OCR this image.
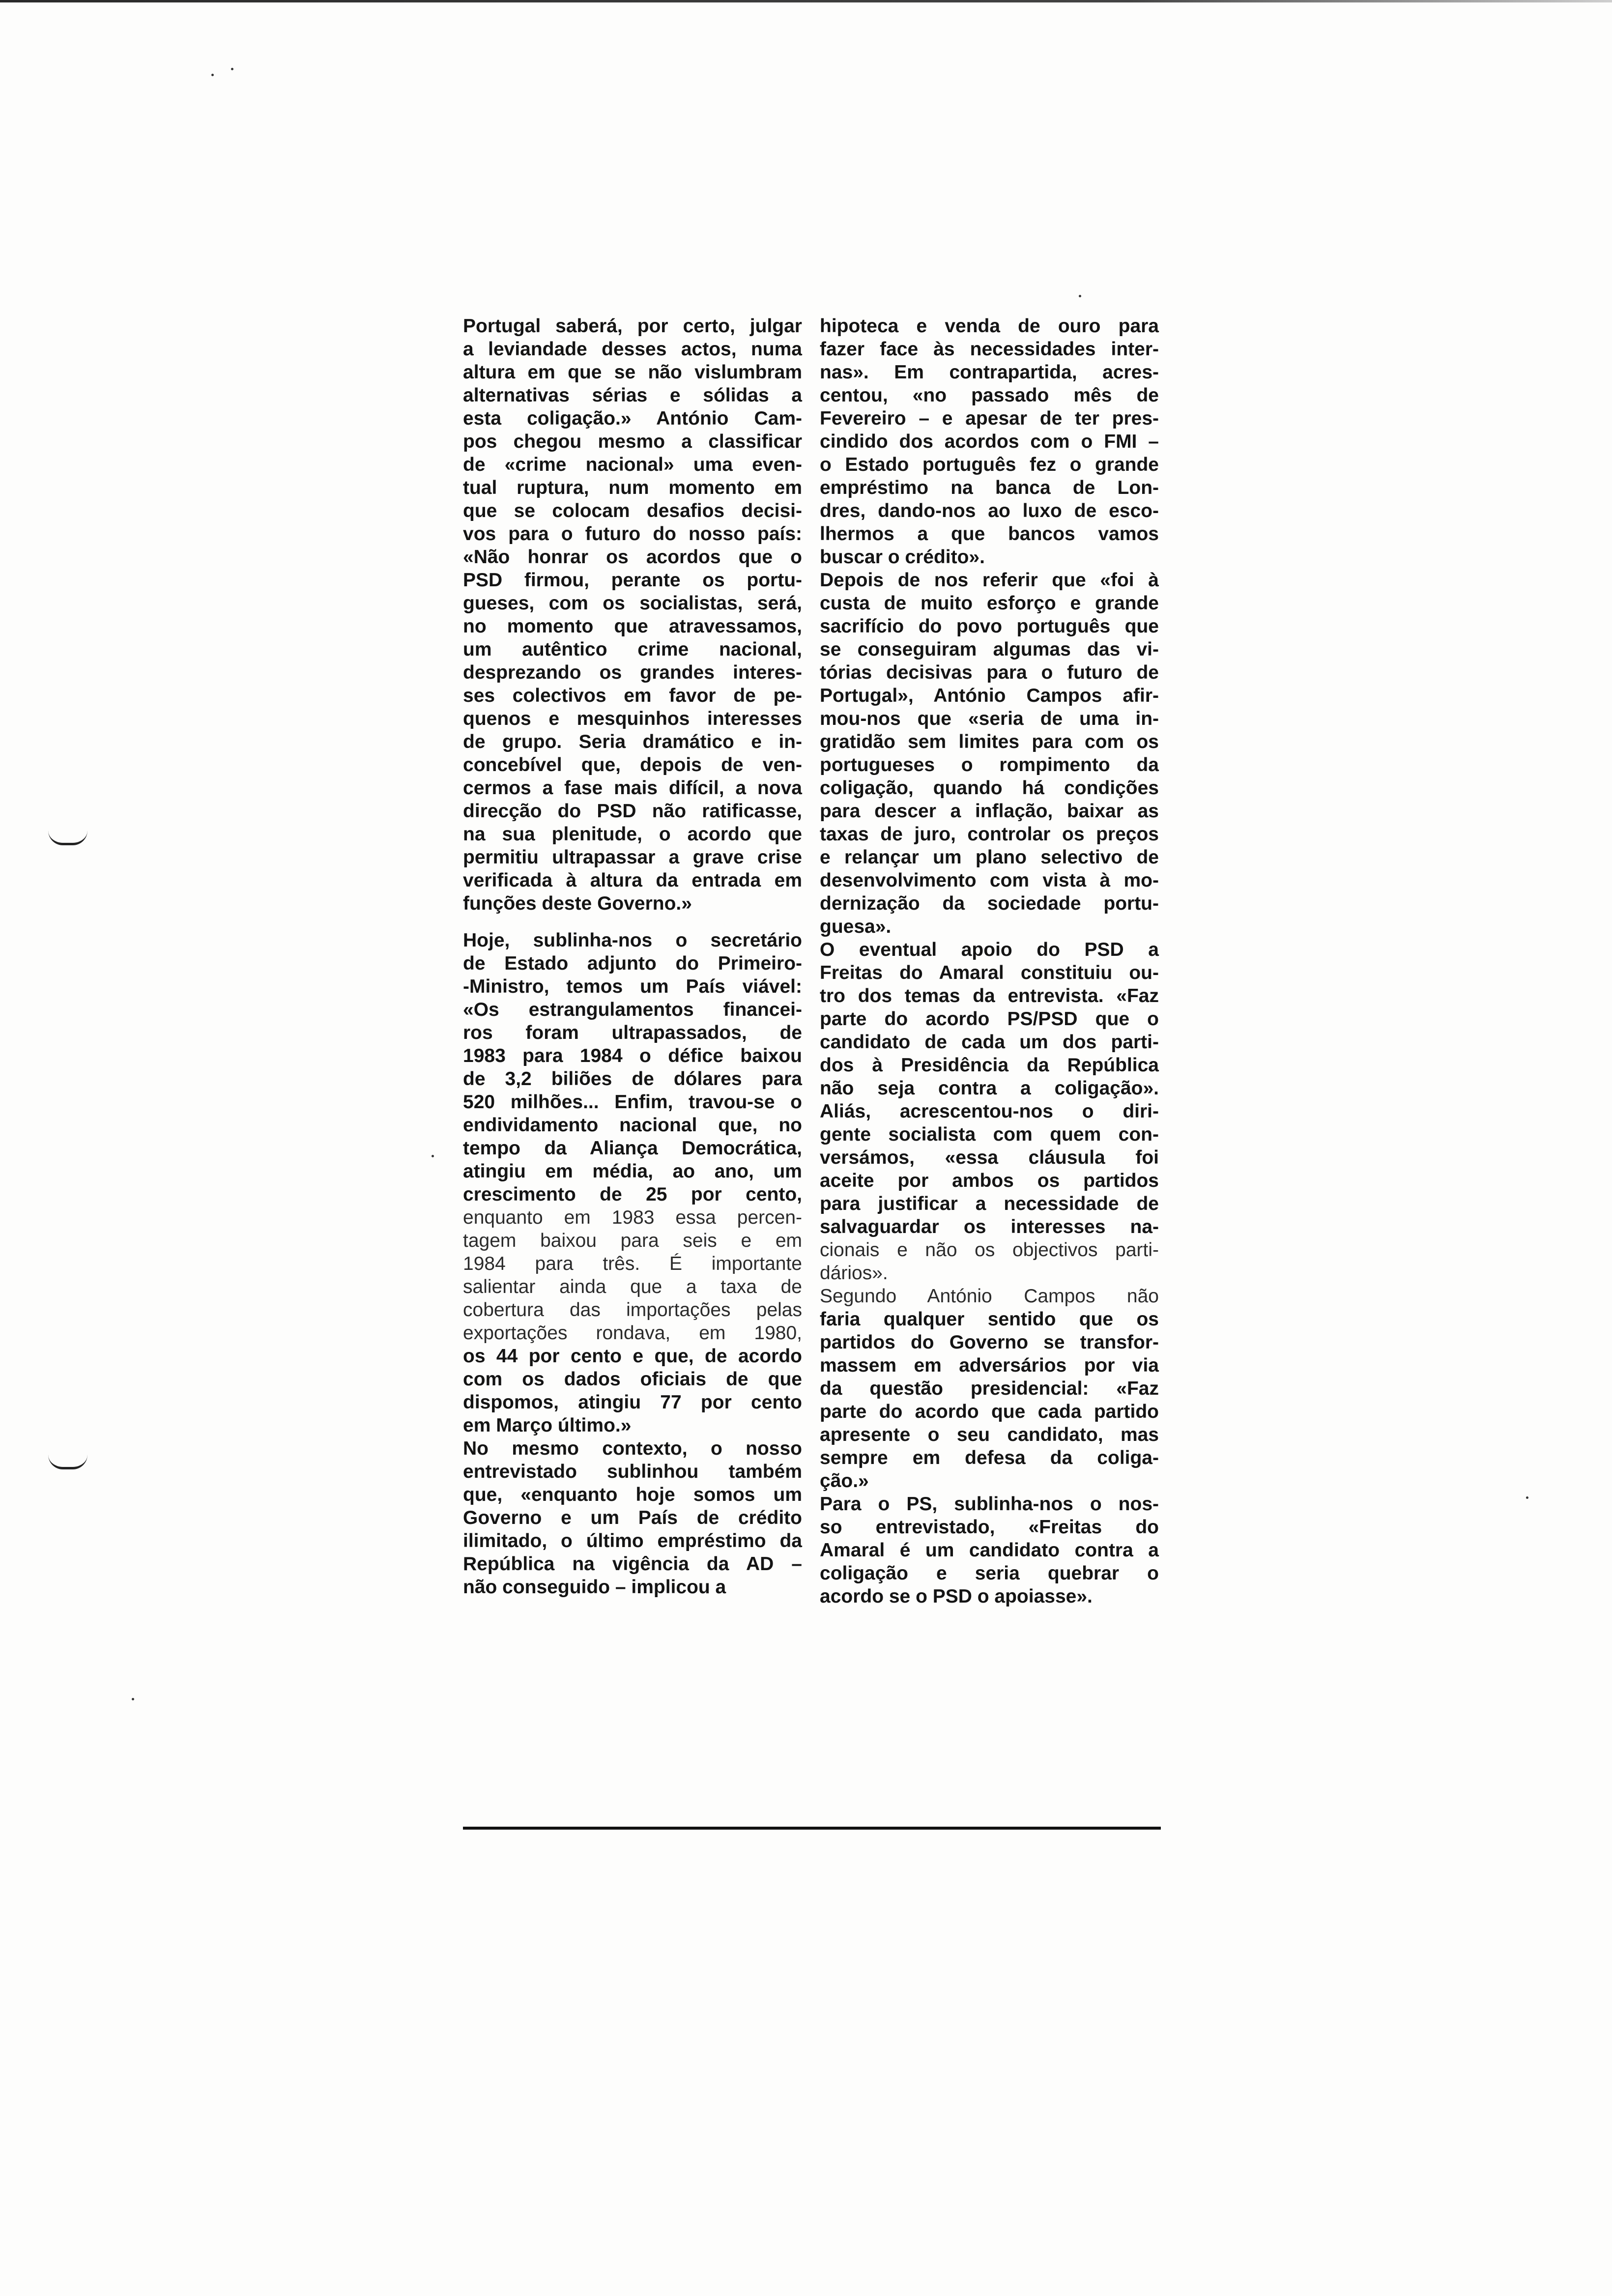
Portugal saberá, por certo, julgar
a leviandade desses actos, numa
altura em que se não vislumbram
alternativas sérias e sólidas a
esta coligação.» António Cam-
pos chegou mesmo a classificar
de «crime nacional» uma even-
tual ruptura, num momento em
que se colocam desafios decisi-
vos para o futuro do nosso país:
«Não honrar os acordos que o
PSD firmou, perante os portu-
gueses, com os socialistas, será,
no momento que atravessamos,
um autêntico crime nacional,
desprezando os grandes interes-
ses colectivos em favor de pe-
quenos e mesquinhos interesses
de grupo. Seria dramático e in-
concebível que, depois de ven-
cermos a fase mais difícil, a nova
direcção do PSD não ratificasse,
na sua plenitude, o acordo que
permitiu ultrapassar a grave crise
verificada à altura da entrada em
funções deste Governo.»
Hoje, sublinha-nos o secretário
de Estado adjunto do Primeiro-
-Ministro, temos um País viável:
«Os estrangulamentos financei-
ros foram ultrapassados, de
1983 para 1984 o défice baixou
de 3,2 biliões de dólares para
520 milhões... Enfim, travou-se o
endividamento nacional que, no
tempo da Aliança Democrática,
atingiu em média, ao ano, um
crescimento de 25 por cento,
enquanto em 1983 essa percen-
tagem baixou para seis e em
1984 para três. É importante
salientar ainda que a taxa de
cobertura das importações pelas
exportações rondava, em 1980,
os 44 por cento e que, de acordo
com os dados oficiais de que
dispomos, atingiu 77 por cento
em Março último.»
No mesmo contexto, o nosso
entrevistado sublinhou também
que, «enquanto hoje somos um
Governo e um País de crédito
ilimitado, o último empréstimo da
República na vigência da AD –
não conseguido – implicou a
hipoteca e venda de ouro para
fazer face às necessidades inter-
nas». Em contrapartida, acres-
centou, «no passado mês de
Fevereiro – e apesar de ter pres-
cindido dos acordos com o FMI –
o Estado português fez o grande
empréstimo na banca de Lon-
dres, dando-nos ao luxo de esco-
lhermos a que bancos vamos
buscar o crédito».
Depois de nos referir que «foi à
custa de muito esforço e grande
sacrifício do povo português que
se conseguiram algumas das vi-
tórias decisivas para o futuro de
Portugal», António Campos afir-
mou-nos que «seria de uma in-
gratidão sem limites para com os
portugueses o rompimento da
coligação, quando há condições
para descer a inflação, baixar as
taxas de juro, controlar os preços
e relançar um plano selectivo de
desenvolvimento com vista à mo-
dernização da sociedade portu-
guesa».
O eventual apoio do PSD a
Freitas do Amaral constituiu ou-
tro dos temas da entrevista. «Faz
parte do acordo PS/PSD que o
candidato de cada um dos parti-
dos à Presidência da República
não seja contra a coligação».
Aliás, acrescentou-nos o diri-
gente socialista com quem con-
versámos, «essa cláusula foi
aceite por ambos os partidos
para justificar a necessidade de
salvaguardar os interesses na-
cionais e não os objectivos parti-
dários».
Segundo António Campos não
faria qualquer sentido que os
partidos do Governo se transfor-
massem em adversários por via
da questão presidencial: «Faz
parte do acordo que cada partido
apresente o seu candidato, mas
sempre em defesa da coliga-
ção.»
Para o PS, sublinha-nos o nos-
so entrevistado, «Freitas do
Amaral é um candidato contra a
coligação e seria quebrar o
acordo se o PSD o apoiasse».
